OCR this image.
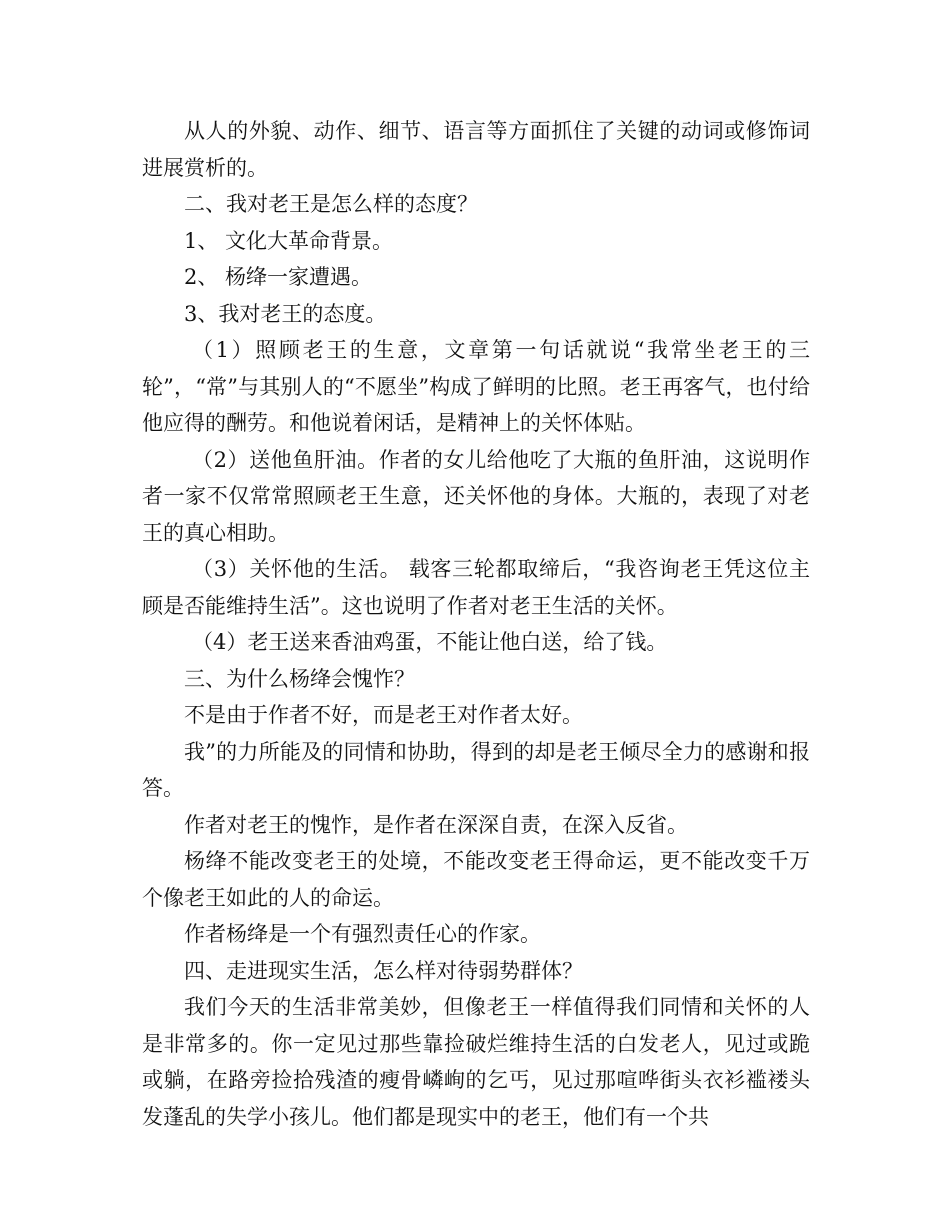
从人的外貌、动作、细节、语言等方面抓住了关键的动词或修饰词进展赏析的。

二、我对老王是怎么样的态度？

1、 文化大革命背景。

2、 杨绛一家遭遇。

3、我对老王的态度。

（1）照顾老王的生意，文章第一句话就说“我常坐老王的三轮”，“常”与其别人的“不愿坐”构成了鲜明的比照。老王再客气，也付给他应得的酬劳。和他说着闲话，是精神上的关怀体贴。

（2）送他鱼肝油。作者的女儿给他吃了大瓶的鱼肝油，这说明作者一家不仅常常照顾老王生意，还关怀他的身体。大瓶的，表现了对老王的真心相助。

（3）关怀他的生活。 载客三轮都取缔后，“我咨询老王凭这位主顾是否能维持生活”。这也说明了作者对老王生活的关怀。

（4）老王送来香油鸡蛋，不能让他白送，给了钱。

三、为什么杨绛会愧怍？

不是由于作者不好，而是老王对作者太好。

我”的力所能及的同情和协助，得到的却是老王倾尽全力的感谢和报答。

作者对老王的愧怍，是作者在深深自责，在深入反省。

杨绛不能改变老王的处境，不能改变老王得命运，更不能改变千万个像老王如此的人的命运。

作者杨绛是一个有强烈责任心的作家。

四、走进现实生活，怎么样对待弱势群体？

我们今天的生活非常美妙，但像老王一样值得我们同情和关怀的人是非常多的。你一定见过那些靠捡破烂维持生活的白发老人，见过或跪或躺，在路旁捡拾残渣的瘦骨嶙峋的乞丐，见过那喧哗街头衣衫褴褛头发蓬乱的失学小孩儿。他们都是现实中的老王，他们有一个共
